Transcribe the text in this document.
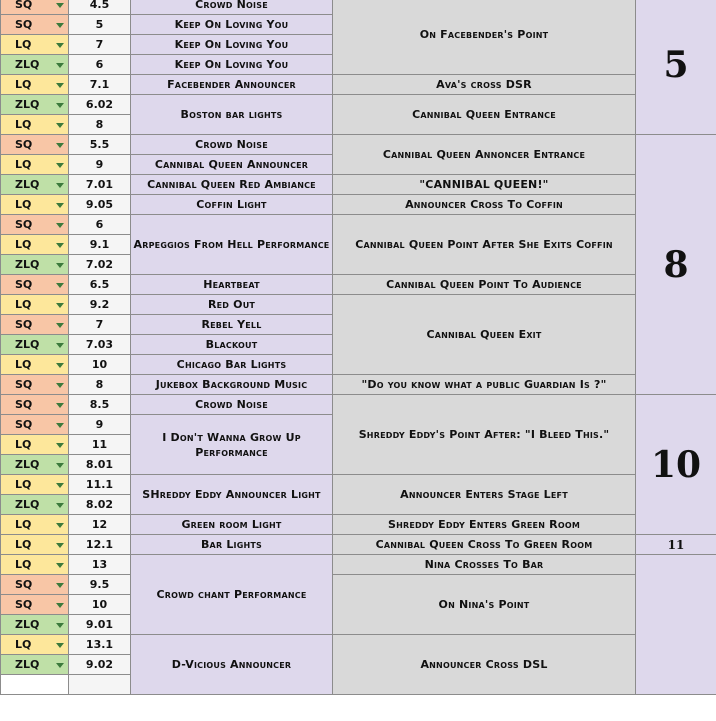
SQ	4.5	Crowd Noise	On Facebender's Point	5
SQ	5	Keep On Loving You		
LQ	7	Keep On Loving You		
ZLQ	6	Keep On Loving You		
LQ	7.1	Facebender Announcer	Ava's cross DSR	
ZLQ	6.02	Boston bar lights	Cannibal Queen Entrance	
LQ	8			
SQ	5.5	Crowd Noise	Cannibal Queen Annoncer Entrance	8
LQ	9	Cannibal Queen Announcer		
ZLQ	7.01	Cannibal Queen Red Ambiance	"CANNIBAL QUEEN!"	
LQ	9.05	Coffin Light	Announcer Cross To Coffin	
SQ	6	Arpeggios From Hell Performance	Cannibal Queen Point After She Exits Coffin	
LQ	9.1			
ZLQ	7.02			
SQ	6.5	Heartbeat	Cannibal Queen Point To Audience	
LQ	9.2	Red Out	Cannibal Queen Exit	
SQ	7	Rebel Yell		
ZLQ	7.03	Blackout		
LQ	10	Chicago Bar Lights		
SQ	8	Jukebox Background Music	"Do you know what a public Guardian Is ?"	
SQ	8.5	Crowd Noise	Shreddy Eddy's Point After: "I Bleed This."	10
SQ	9	I Don't Wanna Grow Up Performance		
LQ	11			
ZLQ	8.01			
LQ	11.1	SHreddy Eddy Announcer Light	Announcer Enters Stage Left	
ZLQ	8.02			
LQ	12	Green room Light	Shreddy Eddy Enters Green Room	
LQ	12.1	Bar Lights	Cannibal Queen Cross To Green Room	11
LQ	13	Crowd chant Performance	Nina Crosses To Bar	
SQ	9.5		On Nina's Point	
SQ	10			
ZLQ	9.01			
LQ	13.1	D-Vicious Announcer	Announcer Cross DSL	
ZLQ	9.02			
